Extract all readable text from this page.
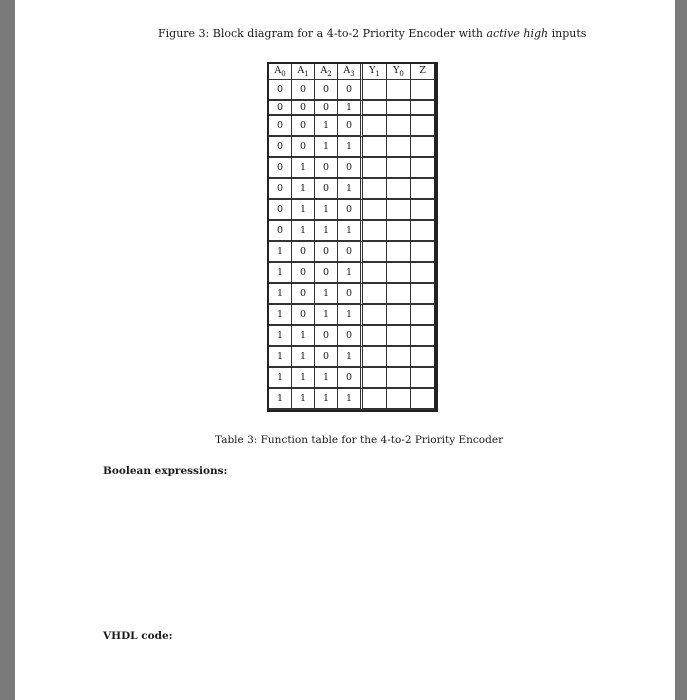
Figure 3: Block diagram for a 4-to-2 Priority Encoder with active high inputs
$A_0$	$A_1$	$A_2$	$A_3$	$Y_1$	$Y_0$	Z
0	0	0	0			
0	0	0	1			
0	0	1	0			
0	0	1	1			
0	1	0	0			
0	1	0	1			
0	1	1	0			
0	1	1	1			
1	0	0	0			
1	0	0	1			
1	0	1	0			
1	0	1	1			
1	1	0	0			
1	1	0	1			
1	1	1	0			
1	1	1	1			
Table 3: Function table for the 4-to-2 Priority Encoder
Boolean expressions:
VHDL code:
